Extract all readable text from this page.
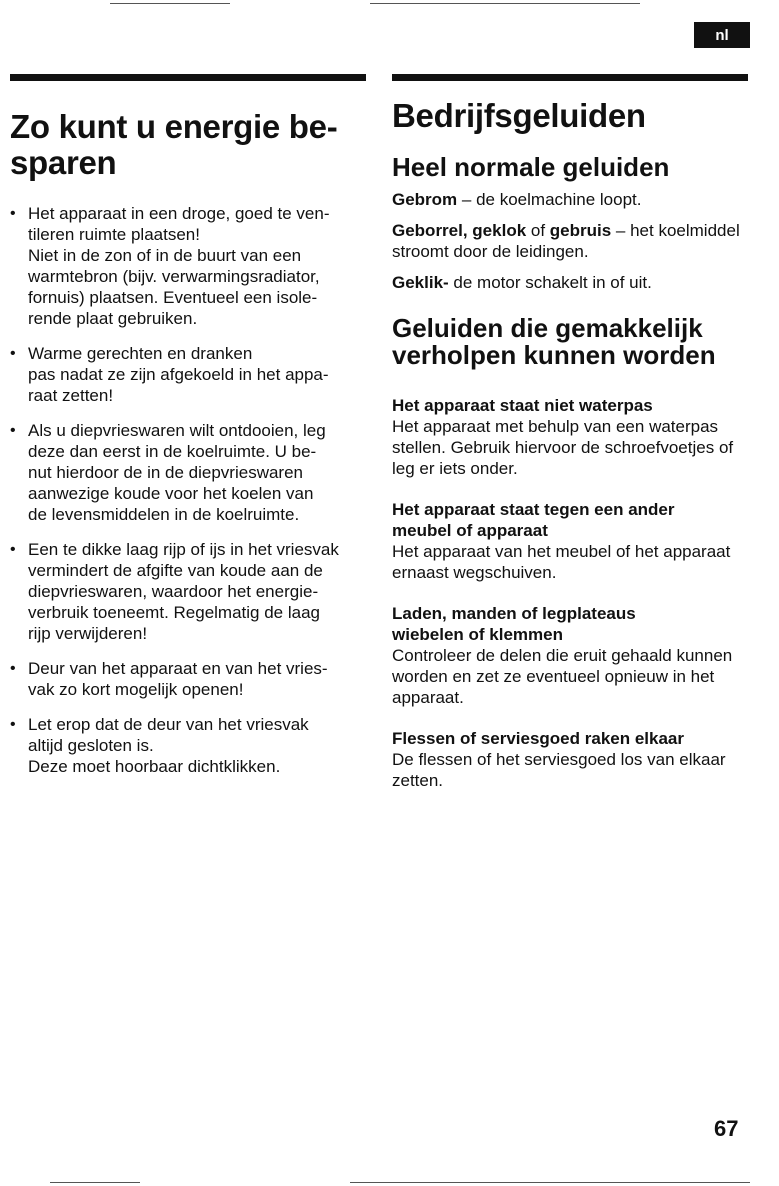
nl
Zo kunt u energie be-
sparen
• Het apparaat in een droge, goed te ven-
tileren ruimte plaatsen!
Niet in de zon of in de buurt van een
warmtebron (bijv. verwarmingsradiator,
fornuis) plaatsen. Eventueel een isole-
rende plaat gebruiken.
• Warme gerechten en dranken
pas nadat ze zijn afgekoeld in het appa-
raat zetten!
• Als u diepvrieswaren wilt ontdooien, leg
deze dan eerst in de koelruimte. U be-
nut hierdoor de in de diepvrieswaren
aanwezige koude voor het koelen van
de levensmiddelen in de koelruimte.
• Een te dikke laag rijp of ijs in het vriesvak
vermindert de afgifte van koude aan de
diepvrieswaren, waardoor het energie-
verbruik toeneemt. Regelmatig de laag
rijp verwijderen!
• Deur van het apparaat en van het vries-
vak zo kort mogelijk openen!
• Let erop dat de deur van het vriesvak
altijd gesloten is.
Deze moet hoorbaar dichtklikken.
Bedrijfsgeluiden
Heel normale geluiden

Gebrom – de koelmachine loopt.

Geborrel, geklok of gebruis – het koelmiddel stroomt door de leidingen.

Geklik- de motor schakelt in of uit.

Geluiden die gemakkelijk verholpen kunnen worden

Het apparaat staat niet waterpas

Het apparaat met behulp van een waterpas stellen. Gebruik hiervoor de schroefvoetjes of leg er iets onder.

Het apparaat staat tegen een ander
meubel of apparaat

Het apparaat van het meubel of het apparaat ernaast wegschuiven.

Laden, manden of legplateaus
wiebelen of klemmen

Controleer de delen die eruit gehaald kunnen worden en zet ze eventueel opnieuw in het apparaat.

Flessen of serviesgoed raken elkaar

De flessen of het serviesgoed los van elkaar zetten.

67
